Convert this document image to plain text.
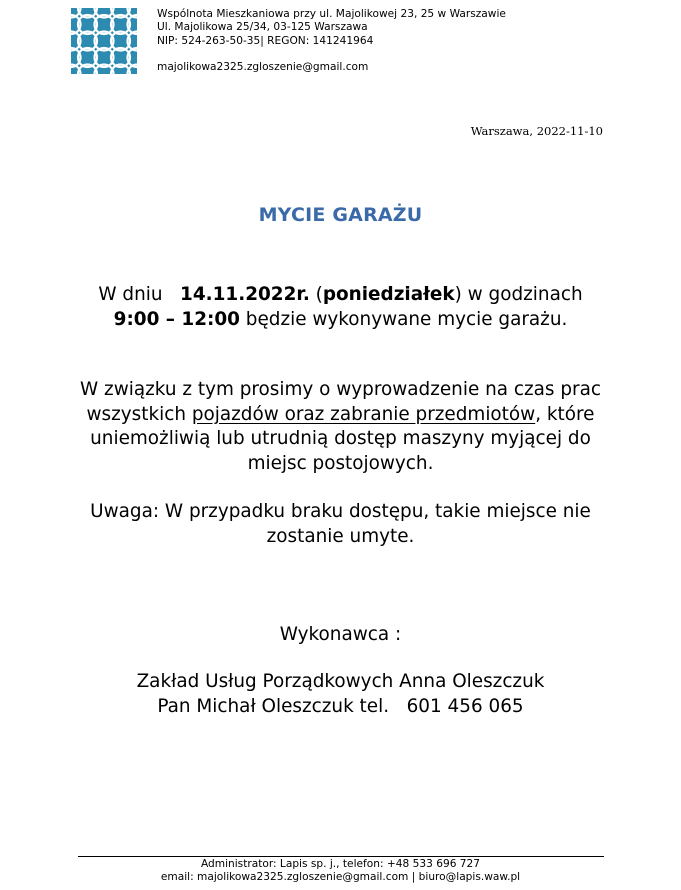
Wspólnota Mieszkaniowa przy ul. Majolikowej 23, 25 w Warszawie
Ul. Majolikowa 25/34, 03-125 Warszawa
NIP: 524-263-50-35| REGON: 141241964
majolikowa2325.zgloszenie@gmail.com
Warszawa, 2022-11-10
MYCIE GARAŻU
W dniu 14.11.2022r. (poniedziałek) w godzinach 9:00 – 12:00 będzie wykonywane mycie garażu.
W związku z tym prosimy o wyprowadzenie na czas prac wszystkich pojazdów oraz zabranie przedmiotów, które uniemożliwią lub utrudnią dostęp maszyny myjącej do miejsc postojowych.
Uwaga: W przypadku braku dostępu, takie miejsce nie zostanie umyte.
Wykonawca :
Zakład Usług Porządkowych Anna Oleszczuk
Pan Michał Oleszczuk tel. 601 456 065
Administrator: Lapis sp. j., telefon: +48 533 696 727
email: majolikowa2325.zgloszenie@gmail.com | biuro@lapis.waw.pl
